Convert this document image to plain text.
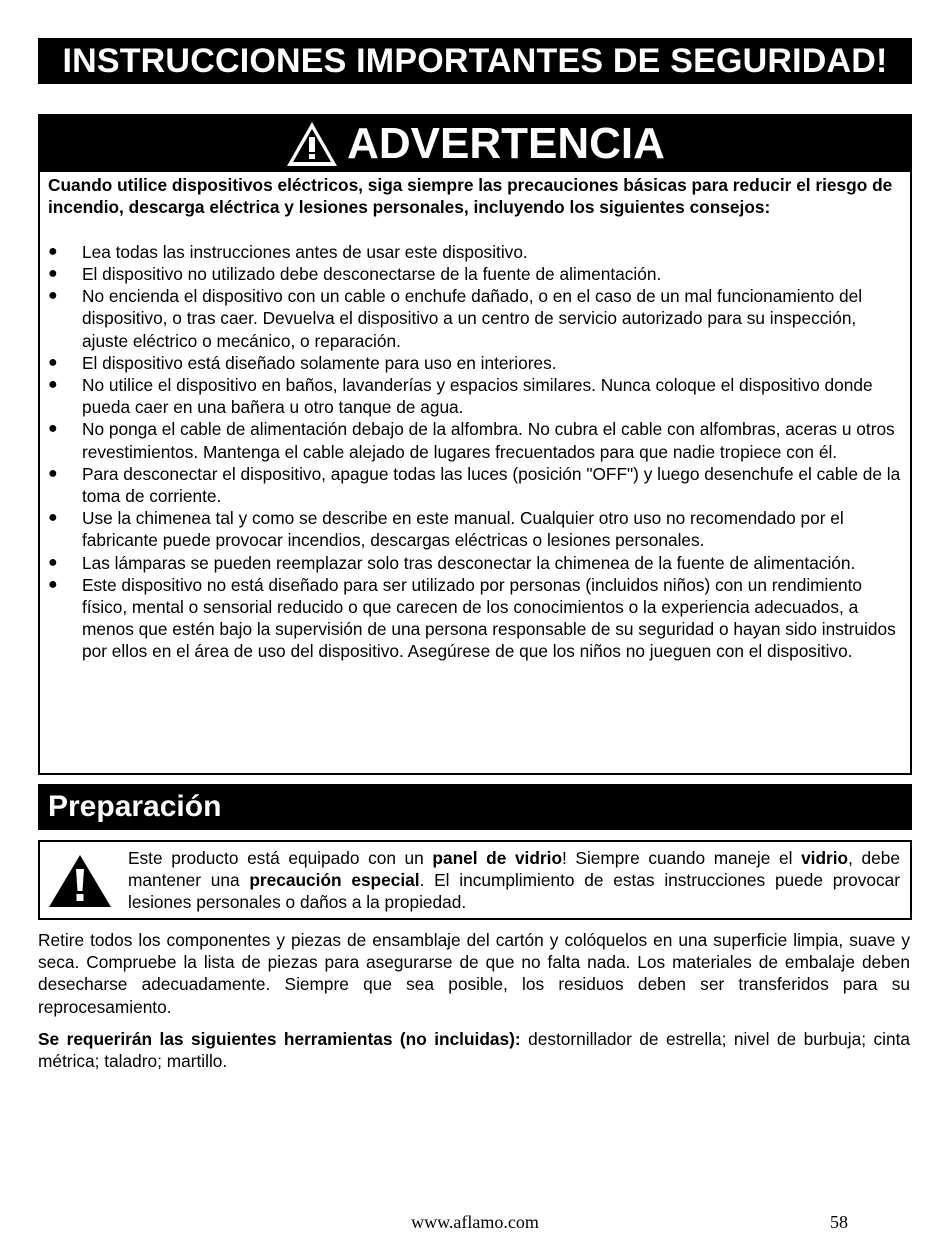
INSTRUCCIONES IMPORTANTES DE SEGURIDAD!
ADVERTENCIA
Cuando utilice dispositivos eléctricos, siga siempre las precauciones básicas para reducir el riesgo de incendio, descarga eléctrica y lesiones personales, incluyendo los siguientes consejos:
● Lea todas las instrucciones antes de usar este dispositivo.
● El dispositivo no utilizado debe desconectarse de la fuente de alimentación.
● No encienda el dispositivo con un cable o enchufe dañado, o en el caso de un mal funcionamiento del dispositivo, o tras caer. Devuelva el dispositivo a un centro de servicio autorizado para su inspección, ajuste eléctrico o mecánico, o reparación.
● El dispositivo está diseñado solamente para uso en interiores.
● No utilice el dispositivo en baños, lavanderías y espacios similares. Nunca coloque el dispositivo donde pueda caer en una bañera u otro tanque de agua.
● No ponga el cable de alimentación debajo de la alfombra. No cubra el cable con alfombras, aceras u otros revestimientos. Mantenga el cable alejado de lugares frecuentados para que nadie tropiece con él.
● Para desconectar el dispositivo, apague todas las luces (posición "OFF") y luego desenchufe el cable de la toma de corriente.
● Use la chimenea tal y como se describe en este manual. Cualquier otro uso no recomendado por el fabricante puede provocar incendios, descargas eléctricas o lesiones personales.
● Las lámparas se pueden reemplazar solo tras desconectar la chimenea de la fuente de alimentación.
● Este dispositivo no está diseñado para ser utilizado por personas (incluidos niños) con un rendimiento físico, mental o sensorial reducido o que carecen de los conocimientos o la experiencia adecuados, a menos que estén bajo la supervisión de una persona responsable de su seguridad o hayan sido instruidos por ellos en el área de uso del dispositivo. Asegúrese de que los niños no jueguen con el dispositivo.
Preparación
Este producto está equipado con un panel de vidrio! Siempre cuando maneje el vidrio, debe mantener una precaución especial. El incumplimiento de estas instrucciones puede provocar lesiones personales o daños a la propiedad.

Retire todos los componentes y piezas de ensamblaje del cartón y colóquelos en una superficie limpia, suave y seca. Compruebe la lista de piezas para asegurarse de que no falta nada. Los materiales de embalaje deben desecharse adecuadamente. Siempre que sea posible, los residuos deben ser transferidos para su reprocesamiento.

Se requerirán las siguientes herramientas (no incluidas): destornillador de estrella; nivel de burbuja; cinta métrica; taladro; martillo.

www.aflamo.com	58
